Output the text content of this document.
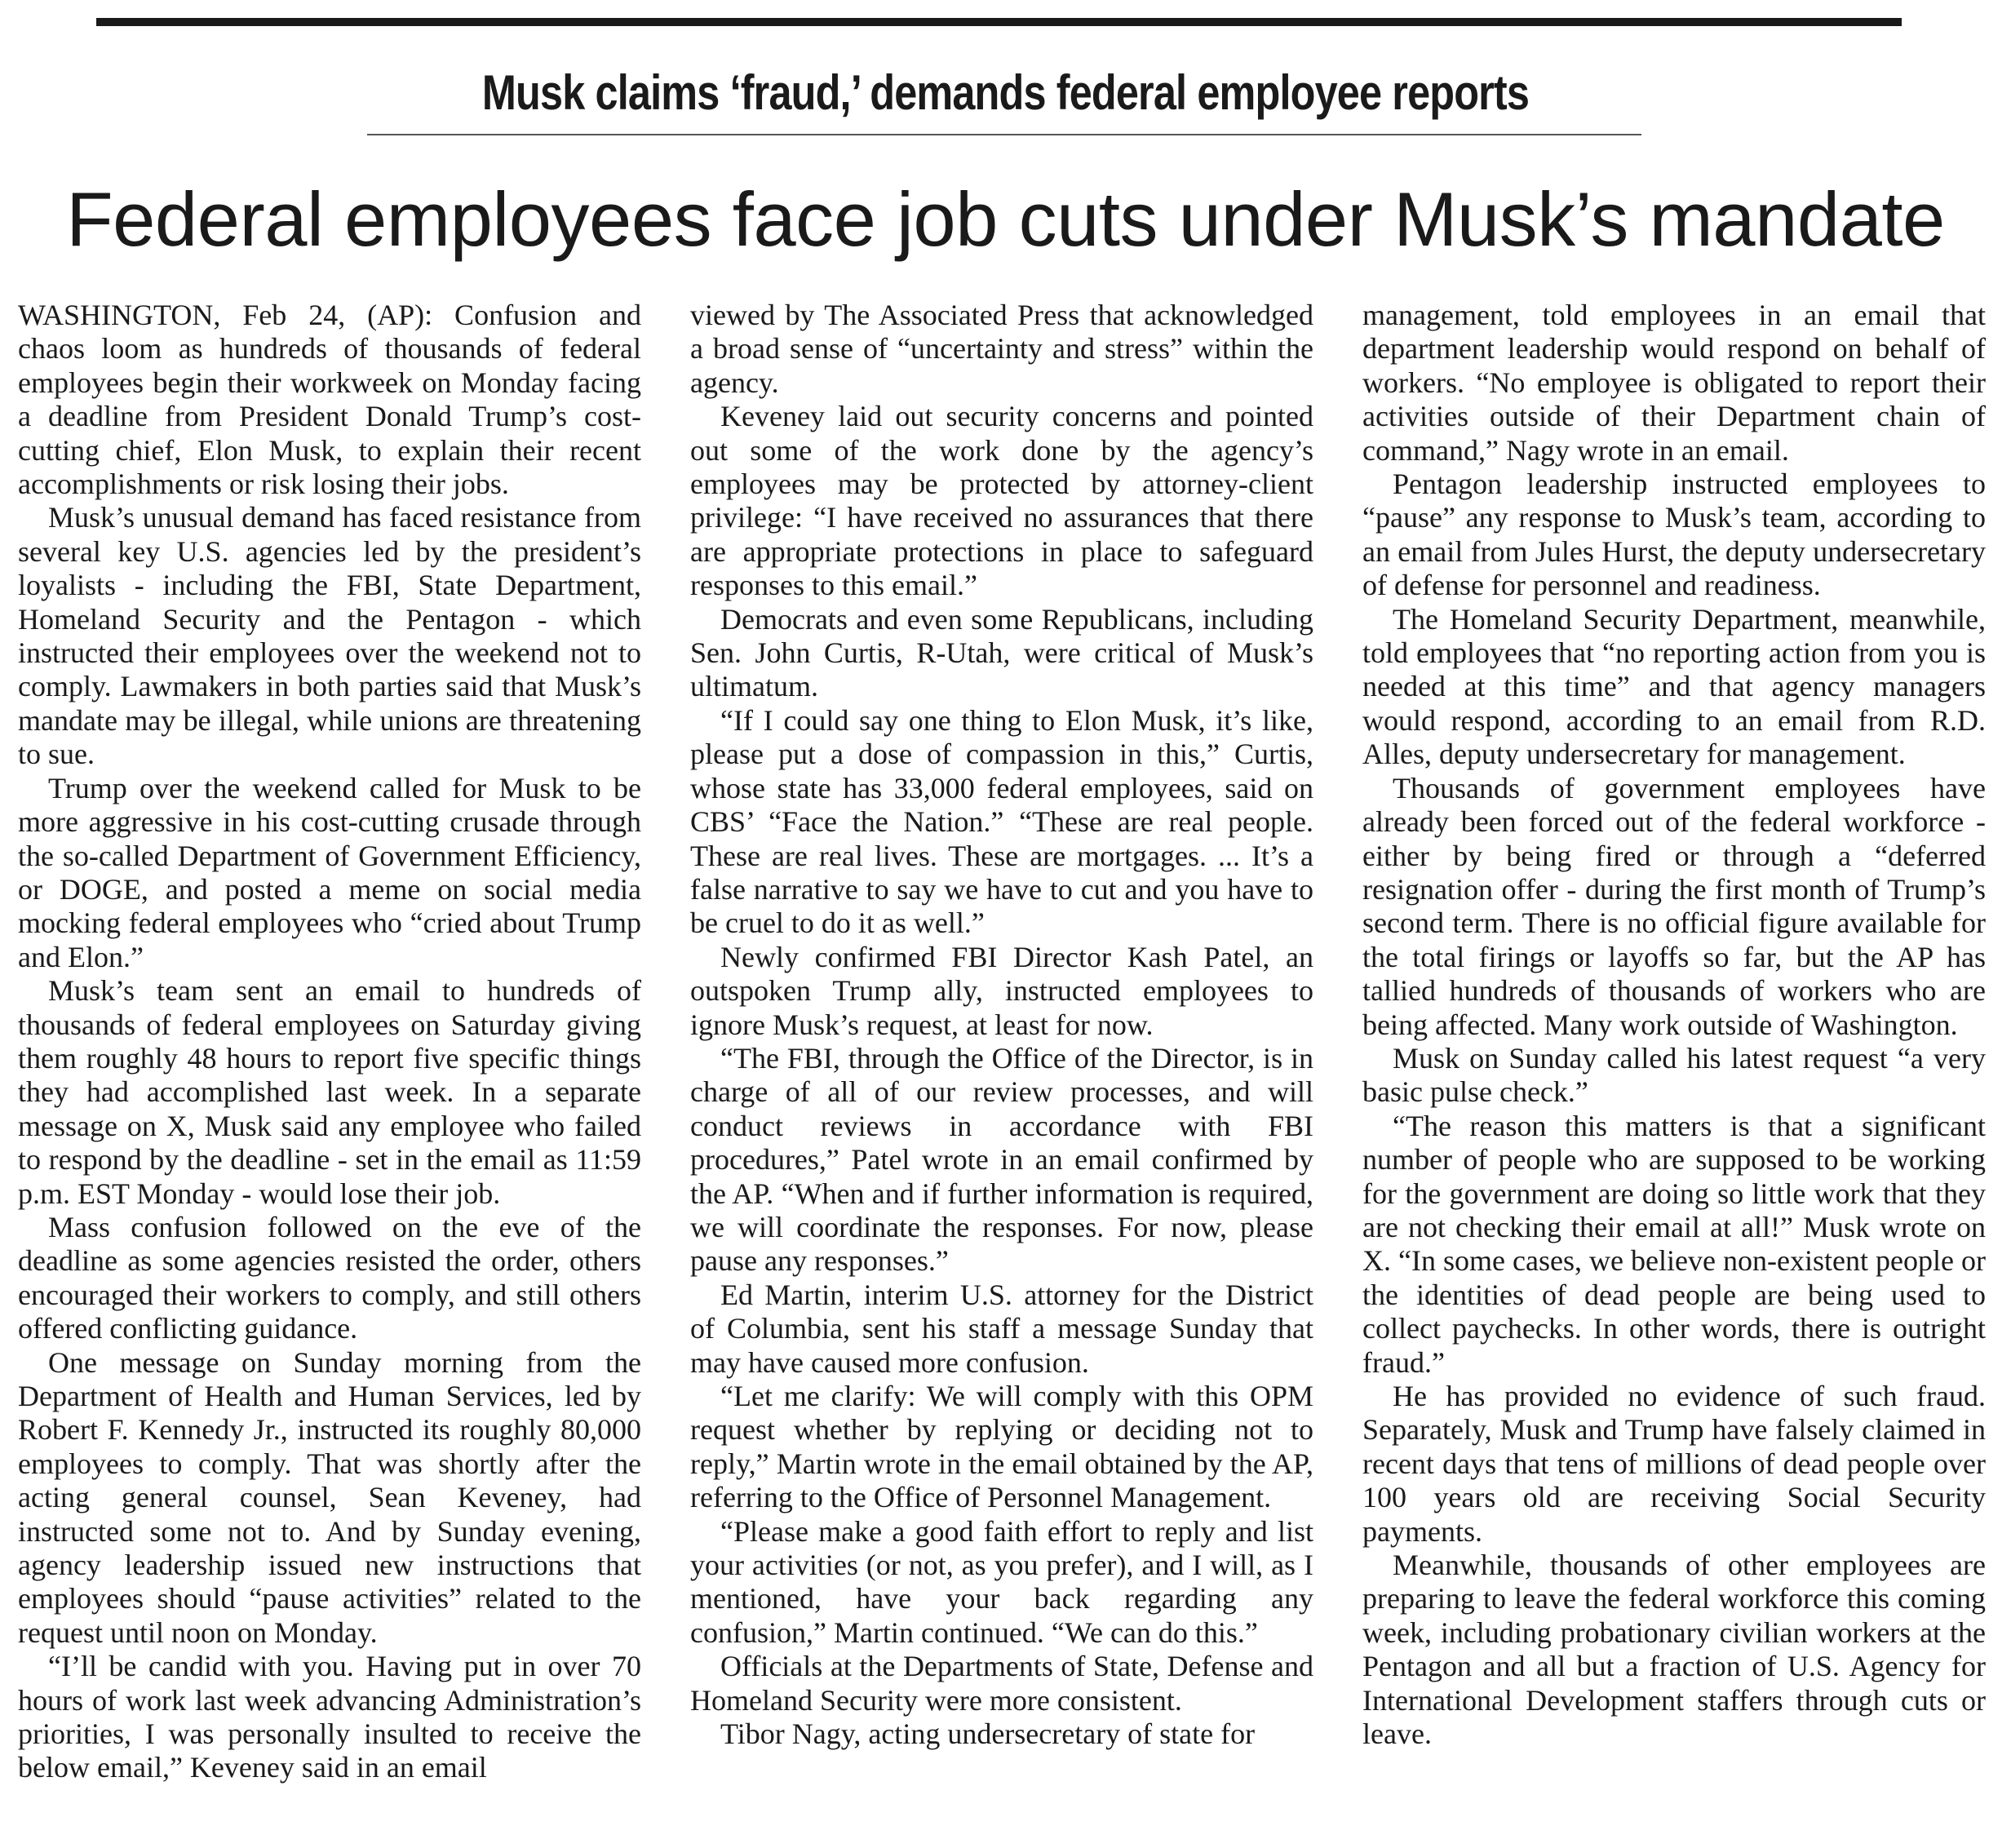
Musk claims ‘fraud,’ demands federal employee reports
Federal employees face job cuts under Musk’s mandate

WASHINGTON, Feb 24, (AP): Confusion and chaos loom as hundreds of thousands of federal employees begin their workweek on Monday facing a deadline from President Donald Trump’s cost-cutting chief, Elon Musk, to explain their recent accomplishments or risk losing their jobs.

Musk’s unusual demand has faced resistance from several key U.S. agencies led by the president’s loyalists - including the FBI, State Department, Homeland Security and the Pentagon - which instructed their employees over the weekend not to comply. Lawmakers in both parties said that Musk’s mandate may be illegal, while unions are threatening to sue.

Trump over the weekend called for Musk to be more aggressive in his cost-cutting crusade through the so-called Department of Government Efficiency, or DOGE, and posted a meme on social media mocking federal employees who “cried about Trump and Elon.”

Musk’s team sent an email to hundreds of thousands of federal employees on Saturday giving them roughly 48 hours to report five specific things they had accomplished last week. In a separate message on X, Musk said any employee who failed to respond by the deadline - set in the email as 11:59 p.m. EST Monday - would lose their job.

Mass confusion followed on the eve of the deadline as some agencies resisted the order, others encouraged their workers to comply, and still others offered conflicting guidance.

One message on Sunday morning from the Department of Health and Human Services, led by Robert F. Kennedy Jr., instructed its roughly 80,000 employees to comply. That was shortly after the acting general counsel, Sean Keveney, had instructed some not to. And by Sunday evening, agency leadership issued new instructions that employees should “pause activities” related to the request until noon on Monday.

“I’ll be candid with you. Having put in over 70 hours of work last week advancing Administration’s priorities, I was personally insulted to receive the below email,” Keveney said in an email

viewed by The Associated Press that acknowledged a broad sense of “uncertainty and stress” within the agency.

Keveney laid out security concerns and pointed out some of the work done by the agency’s employees may be protected by attorney-client privilege: “I have received no assurances that there are appropriate protections in place to safeguard responses to this email.”

Democrats and even some Republicans, including Sen. John Curtis, R-Utah, were critical of Musk’s ultimatum.

“If I could say one thing to Elon Musk, it’s like, please put a dose of compassion in this,” Curtis, whose state has 33,000 federal employees, said on CBS’ “Face the Nation.” “These are real people. These are real lives. These are mortgages. ... It’s a false narrative to say we have to cut and you have to be cruel to do it as well.”

Newly confirmed FBI Director Kash Patel, an outspoken Trump ally, instructed employees to ignore Musk’s request, at least for now.

“The FBI, through the Office of the Director, is in charge of all of our review processes, and will conduct reviews in accordance with FBI procedures,” Patel wrote in an email confirmed by the AP. “When and if further information is required, we will coordinate the responses. For now, please pause any responses.”

Ed Martin, interim U.S. attorney for the District of Columbia, sent his staff a message Sunday that may have caused more confusion.

“Let me clarify: We will comply with this OPM request whether by replying or deciding not to reply,” Martin wrote in the email obtained by the AP, referring to the Office of Personnel Management.

“Please make a good faith effort to reply and list your activities (or not, as you prefer), and I will, as I mentioned, have your back regarding any confusion,” Martin continued. “We can do this.”

Officials at the Departments of State, Defense and Homeland Security were more consistent.

Tibor Nagy, acting undersecretary of state for

management, told employees in an email that department leadership would respond on behalf of workers. “No employee is obligated to report their activities outside of their Department chain of command,” Nagy wrote in an email.

Pentagon leadership instructed employees to “pause” any response to Musk’s team, according to an email from Jules Hurst, the deputy undersecretary of defense for personnel and readiness.

The Homeland Security Department, meanwhile, told employees that “no reporting action from you is needed at this time” and that agency managers would respond, according to an email from R.D. Alles, deputy undersecretary for management.

Thousands of government employees have already been forced out of the federal workforce - either by being fired or through a “deferred resignation offer - during the first month of Trump’s second term. There is no official figure available for the total firings or layoffs so far, but the AP has tallied hundreds of thousands of workers who are being affected. Many work outside of Washington.

Musk on Sunday called his latest request “a very basic pulse check.”

“The reason this matters is that a significant number of people who are supposed to be working for the government are doing so little work that they are not checking their email at all!” Musk wrote on X. “In some cases, we believe non-existent people or the identities of dead people are being used to collect paychecks. In other words, there is outright fraud.”

He has provided no evidence of such fraud. Separately, Musk and Trump have falsely claimed in recent days that tens of millions of dead people over 100 years old are receiving Social Security payments.

Meanwhile, thousands of other employees are preparing to leave the federal workforce this coming week, including probationary civilian workers at the Pentagon and all but a fraction of U.S. Agency for International Development staffers through cuts or leave.
